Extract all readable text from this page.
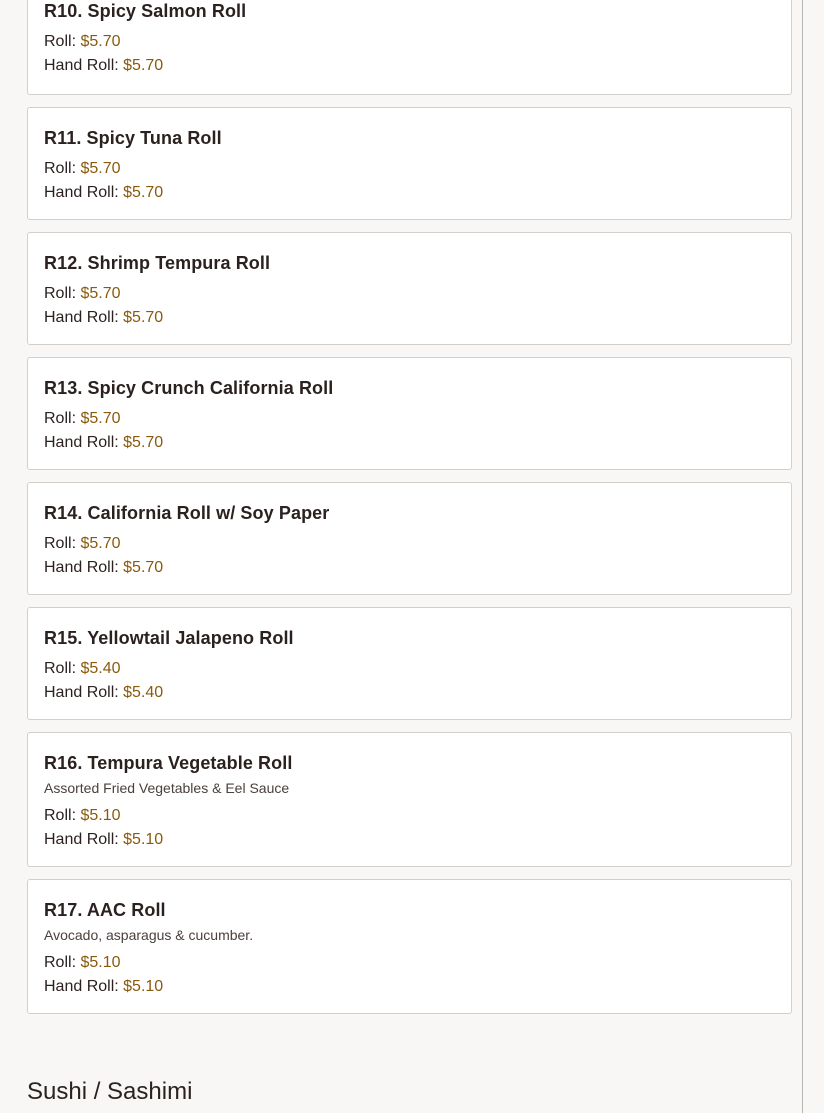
R10. Spicy Salmon Roll
Roll: $5.70
Hand Roll: $5.70
R11. Spicy Tuna Roll
Roll: $5.70
Hand Roll: $5.70
R12. Shrimp Tempura Roll
Roll: $5.70
Hand Roll: $5.70
R13. Spicy Crunch California Roll
Roll: $5.70
Hand Roll: $5.70
R14. California Roll w/ Soy Paper
Roll: $5.70
Hand Roll: $5.70
R15. Yellowtail Jalapeno Roll
Roll: $5.40
Hand Roll: $5.40
R16. Tempura Vegetable Roll
Assorted Fried Vegetables & Eel Sauce
Roll: $5.10
Hand Roll: $5.10
R17. AAC Roll
Avocado, asparagus & cucumber.
Roll: $5.10
Hand Roll: $5.10
Sushi / Sashimi
